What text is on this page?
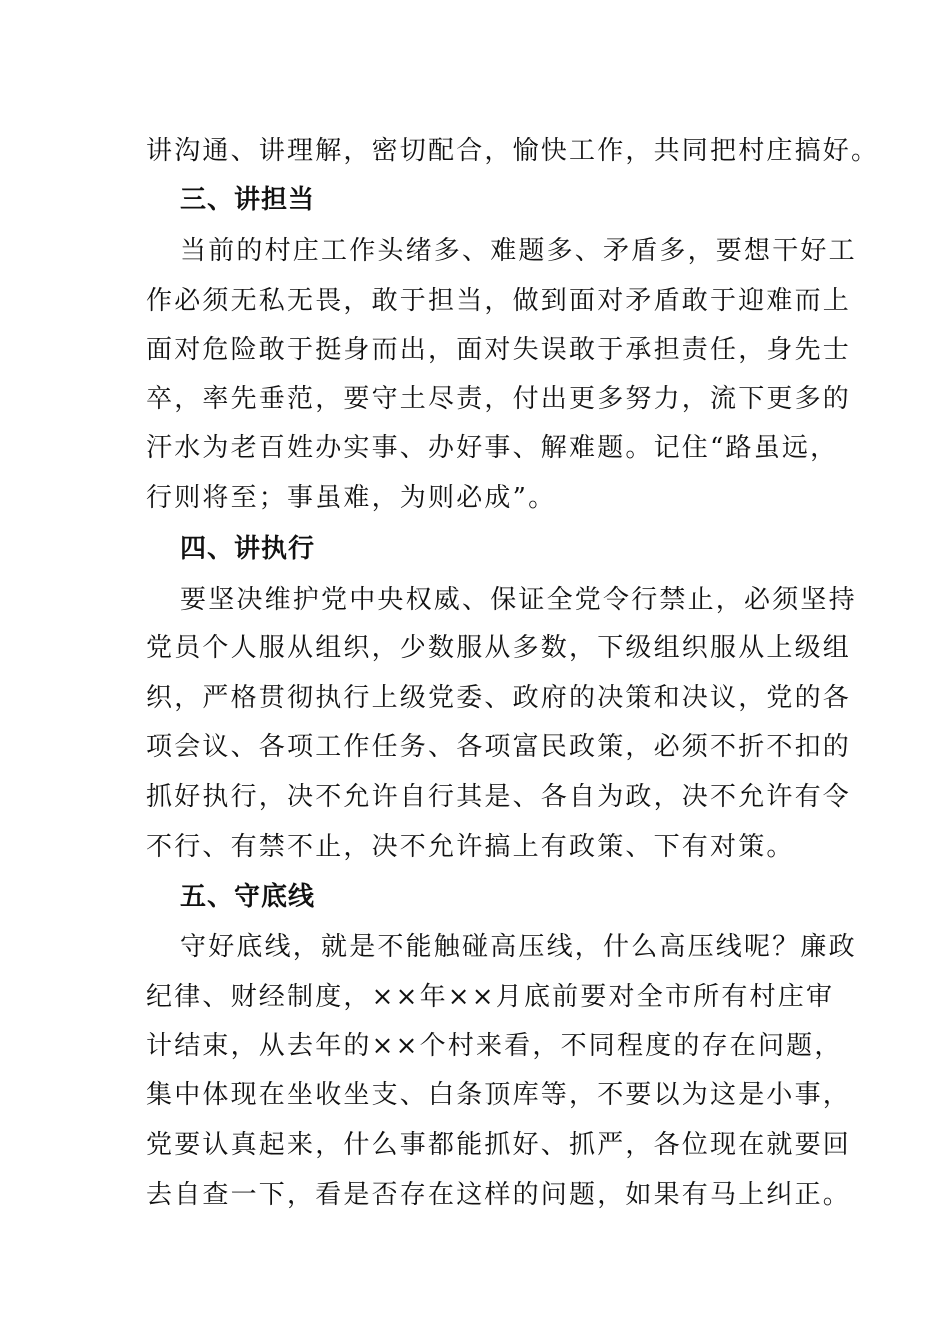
讲沟通、讲理解，密切配合，愉快工作，共同把村庄搞好。
三、讲担当
当前的村庄工作头绪多、难题多、矛盾多，要想干好工
作必须无私无畏，敢于担当，做到面对矛盾敢于迎难而上
面对危险敢于挺身而出，面对失误敢于承担责任，身先士
卒，率先垂范，要守土尽责，付出更多努力，流下更多的
汗水为老百姓办实事、办好事、解难题。记住“路虽远，
行则将至；事虽难，为则必成”。
四、讲执行
要坚决维护党中央权威、保证全党令行禁止，必须坚持
党员个人服从组织，少数服从多数，下级组织服从上级组
织，严格贯彻执行上级党委、政府的决策和决议，党的各
项会议、各项工作任务、各项富民政策，必须不折不扣的
抓好执行，决不允许自行其是、各自为政，决不允许有令
不行、有禁不止，决不允许搞上有政策、下有对策。
五、守底线
守好底线，就是不能触碰高压线，什么高压线呢？廉政
纪律、财经制度，××年××月底前要对全市所有村庄审
计结束，从去年的××个村来看，不同程度的存在问题，
集中体现在坐收坐支、白条顶库等，不要以为这是小事，
党要认真起来，什么事都能抓好、抓严，各位现在就要回
去自查一下，看是否存在这样的问题，如果有马上纠正。
